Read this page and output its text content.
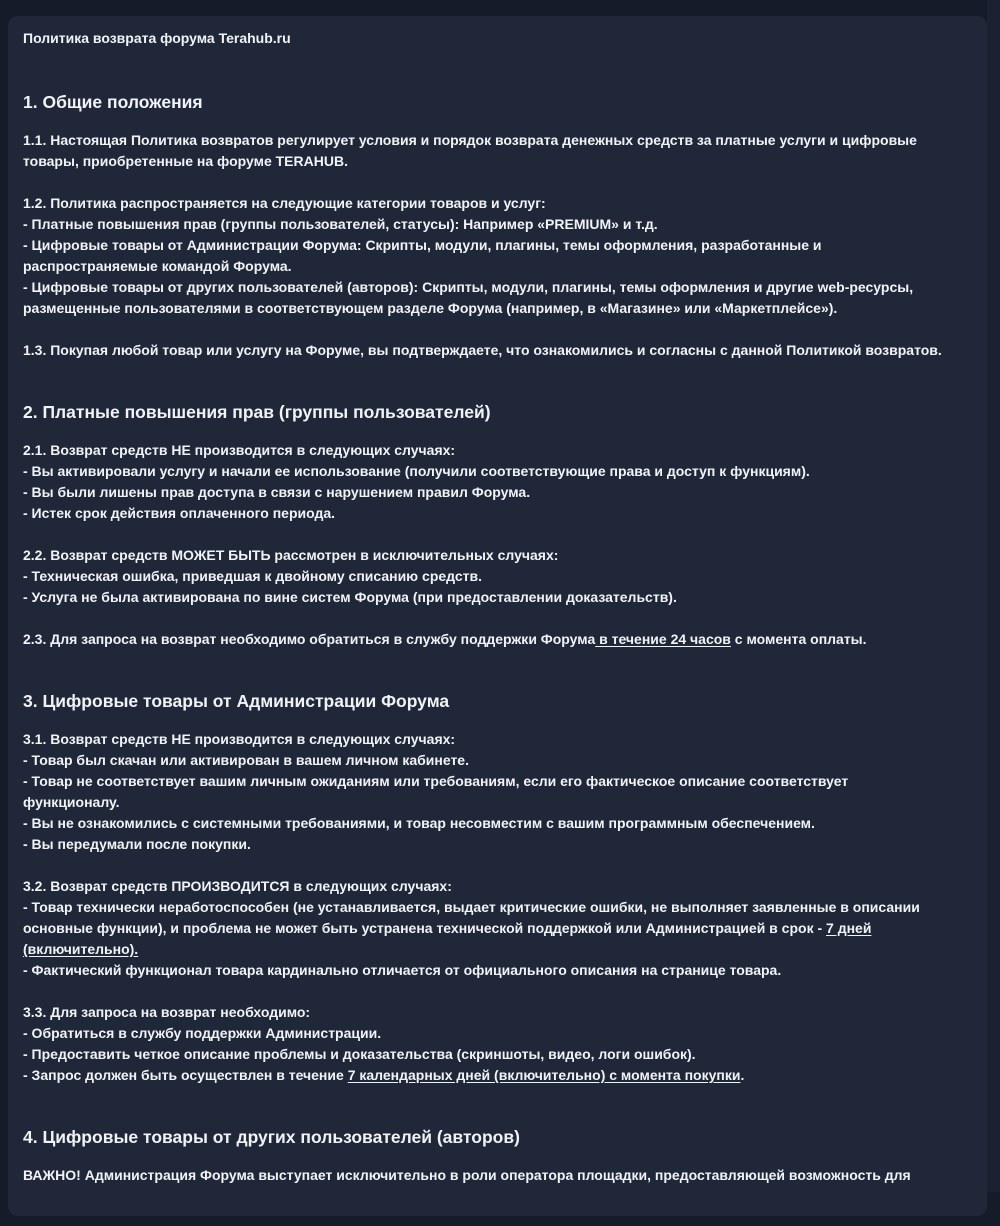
Политика возврата форума Terahub.ru
1. Общие положения
1.1. Настоящая Политика возвратов регулирует условия и порядок возврата денежных средств за платные услуги и цифровые
товары, приобретенные на форуме TERAHUB.
1.2. Политика распространяется на следующие категории товаров и услуг:
- Платные повышения прав (группы пользователей, статусы): Например «PREMIUM» и т.д.
- Цифровые товары от Администрации Форума: Скрипты, модули, плагины, темы оформления, разработанные и
распространяемые командой Форума.
- Цифровые товары от других пользователей (авторов): Скрипты, модули, плагины, темы оформления и другие web-ресурсы,
размещенные пользователями в соответствующем разделе Форума (например, в «Магазине» или «Маркетплейсе»).
1.3. Покупая любой товар или услугу на Форуме, вы подтверждаете, что ознакомились и согласны с данной Политикой возвратов.
2. Платные повышения прав (группы пользователей)
2.1. Возврат средств НЕ производится в следующих случаях:
- Вы активировали услугу и начали ее использование (получили соответствующие права и доступ к функциям).
- Вы были лишены прав доступа в связи с нарушением правил Форума.
- Истек срок действия оплаченного периода.
2.2. Возврат средств МОЖЕТ БЫТЬ рассмотрен в исключительных случаях:
- Техническая ошибка, приведшая к двойному списанию средств.
- Услуга не была активирована по вине систем Форума (при предоставлении доказательств).
2.3. Для запроса на возврат необходимо обратиться в службу поддержки Форума в течение 24 часов с момента оплаты.
3. Цифровые товары от Администрации Форума
3.1. Возврат средств НЕ производится в следующих случаях:
- Товар был скачан или активирован в вашем личном кабинете.
- Товар не соответствует вашим личным ожиданиям или требованиям, если его фактическое описание соответствует
функционалу.
- Вы не ознакомились с системными требованиями, и товар несовместим с вашим программным обеспечением.
- Вы передумали после покупки.
3.2. Возврат средств ПРОИЗВОДИТСЯ в следующих случаях:
- Товар технически неработоспособен (не устанавливается, выдает критические ошибки, не выполняет заявленные в описании
основные функции), и проблема не может быть устранена технической поддержкой или Администрацией в срок - 7 дней
(включительно).
- Фактический функционал товара кардинально отличается от официального описания на странице товара.
3.3. Для запроса на возврат необходимо:
- Обратиться в службу поддержки Администрации.
- Предоставить четкое описание проблемы и доказательства (скриншоты, видео, логи ошибок).
- Запрос должен быть осуществлен в течение 7 календарных дней (включительно) с момента покупки.
4. Цифровые товары от других пользователей (авторов)
ВАЖНО! Администрация Форума выступает исключительно в роли оператора площадки, предоставляющей возможность для
